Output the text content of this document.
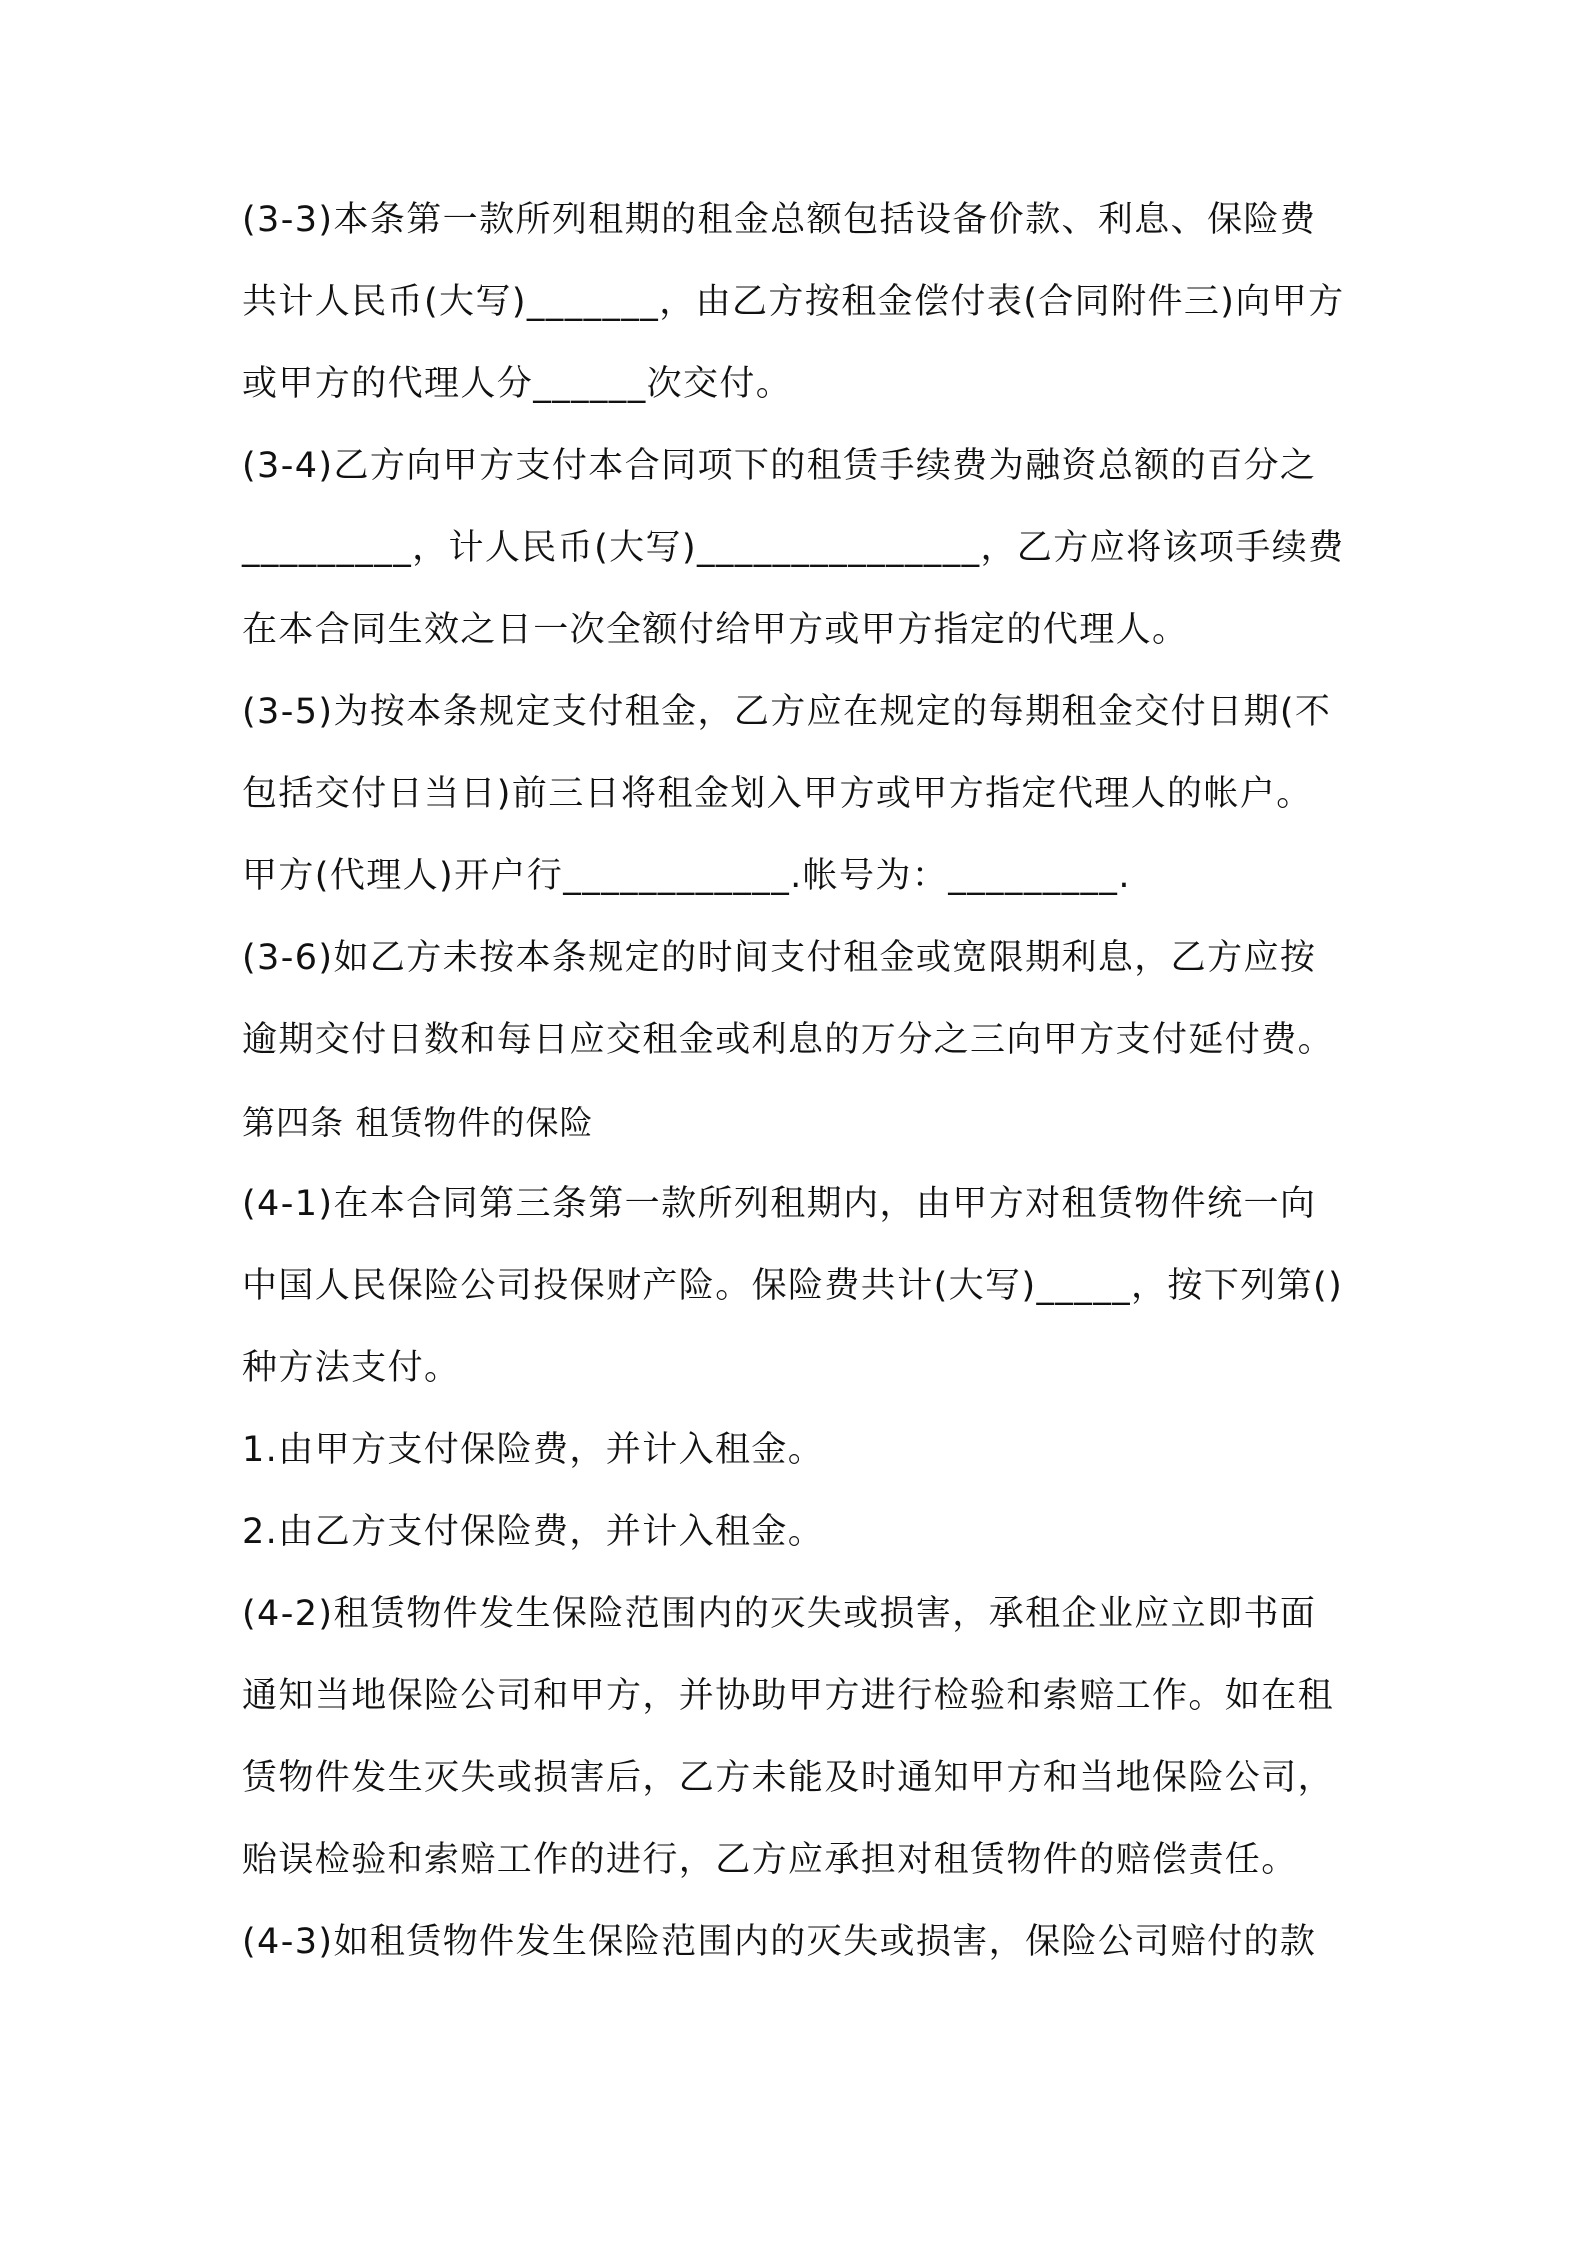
(3-3)本条第一款所列租期的租金总额包括设备价款、利息、保险费
共计人民币(大写)_______，由乙方按租金偿付表(合同附件三)向甲方
或甲方的代理人分______次交付。
(3-4)乙方向甲方支付本合同项下的租赁手续费为融资总额的百分之
_________，计人民币(大写)_______________，乙方应将该项手续费
在本合同生效之日一次全额付给甲方或甲方指定的代理人。
(3-5)为按本条规定支付租金，乙方应在规定的每期租金交付日期(不
包括交付日当日)前三日将租金划入甲方或甲方指定代理人的帐户。
甲方(代理人)开户行____________.帐号为：_________.
(3-6)如乙方未按本条规定的时间支付租金或宽限期利息，乙方应按
逾期交付日数和每日应交租金或利息的万分之三向甲方支付延付费。
第四条 租赁物件的保险
(4-1)在本合同第三条第一款所列租期内，由甲方对租赁物件统一向
中国人民保险公司投保财产险。保险费共计(大写)_____，按下列第()
种方法支付。
1.由甲方支付保险费，并计入租金。
2.由乙方支付保险费，并计入租金。
(4-2)租赁物件发生保险范围内的灭失或损害，承租企业应立即书面
通知当地保险公司和甲方，并协助甲方进行检验和索赔工作。如在租
赁物件发生灭失或损害后，乙方未能及时通知甲方和当地保险公司，
贻误检验和索赔工作的进行，乙方应承担对租赁物件的赔偿责任。
(4-3)如租赁物件发生保险范围内的灭失或损害，保险公司赔付的款
